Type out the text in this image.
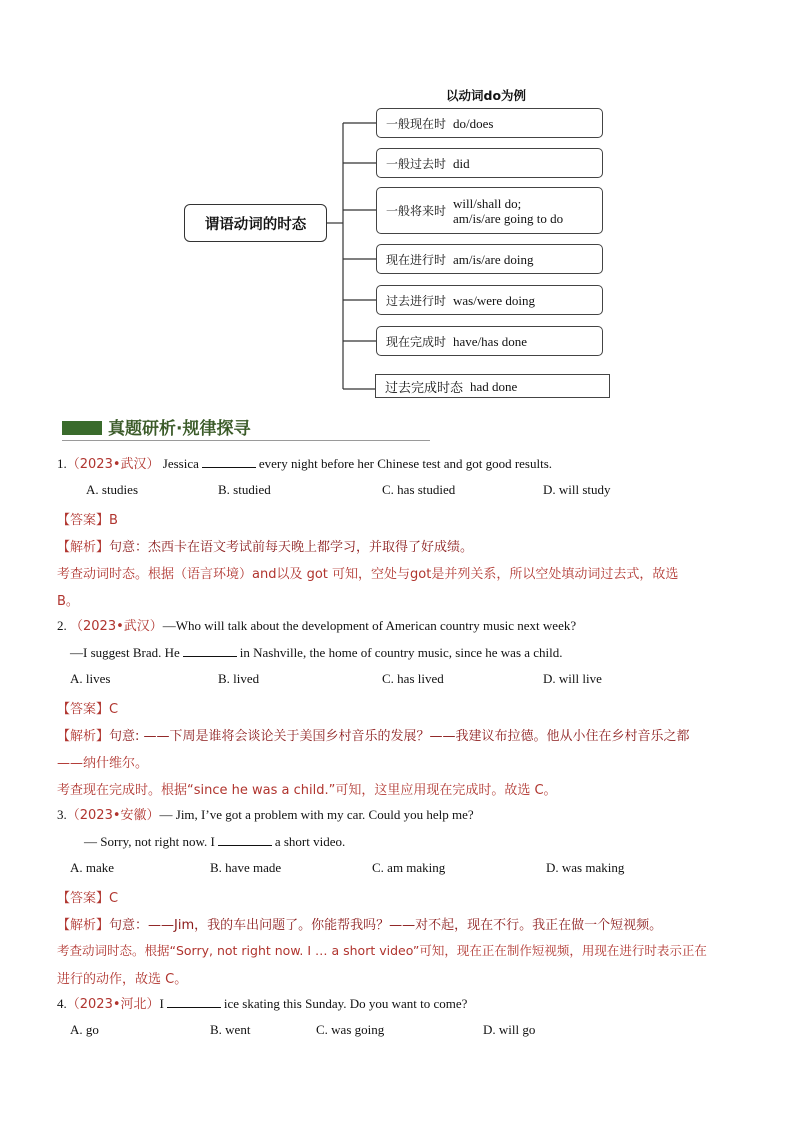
以动词do为例
谓语动词的时态
一般现在时 do/does
一般过去时 did
一般将来时
will/shall do;
am/is/are going to do
现在进行时 am/is/are doing
过去进行时 was/were doing
现在完成时 have/has done
过去完成时态 had done
真题研析·规律探寻
1.（2023•武汉） Jessica	every night before her Chinese test and got good results.
A. studies	B. studied	C. has studied	D. will study
【答案】B
【解析】句意：杰西卡在语文考试前每天晚上都学习，并取得了好成绩。
考查动词时态。根据（语言环境）and以及 got 可知，空处与got是并列关系，所以空处填动词过去式，故选
B。
2. （2023•武汉）—Who will talk about the development of American country music next week?
—I suggest Brad. He	in Nashville, the home of country music, since he was a child.
A. lives	B. lived	C. has lived	D. will live
【答案】C
【解析】句意: ——下周是谁将会谈论关于美国乡村音乐的发展？——我建议布拉德。他从小住在乡村音乐之都
——纳什维尔。
考查现在完成时。根据“since he was a child.”可知，这里应用现在完成时。故选 C。
3.（2023•安徽）— Jim, I’ve got a problem with my car. Could you help me?
— Sorry, not right now. I	a short video.
A. make	B. have made	C. am making	D. was making
【答案】C
【解析】句意：——Jim，我的车出问题了。你能帮我吗？——对不起，现在不行。我正在做一个短视频。
考查动词时态。根据“Sorry, not right now. I … a short video”可知，现在正在制作短视频，用现在进行时表示正在
进行的动作，故选 C。
4.（2023•河北）I	ice skating this Sunday. Do you want to come?
A. go	B. went	C. was going	D. will go
